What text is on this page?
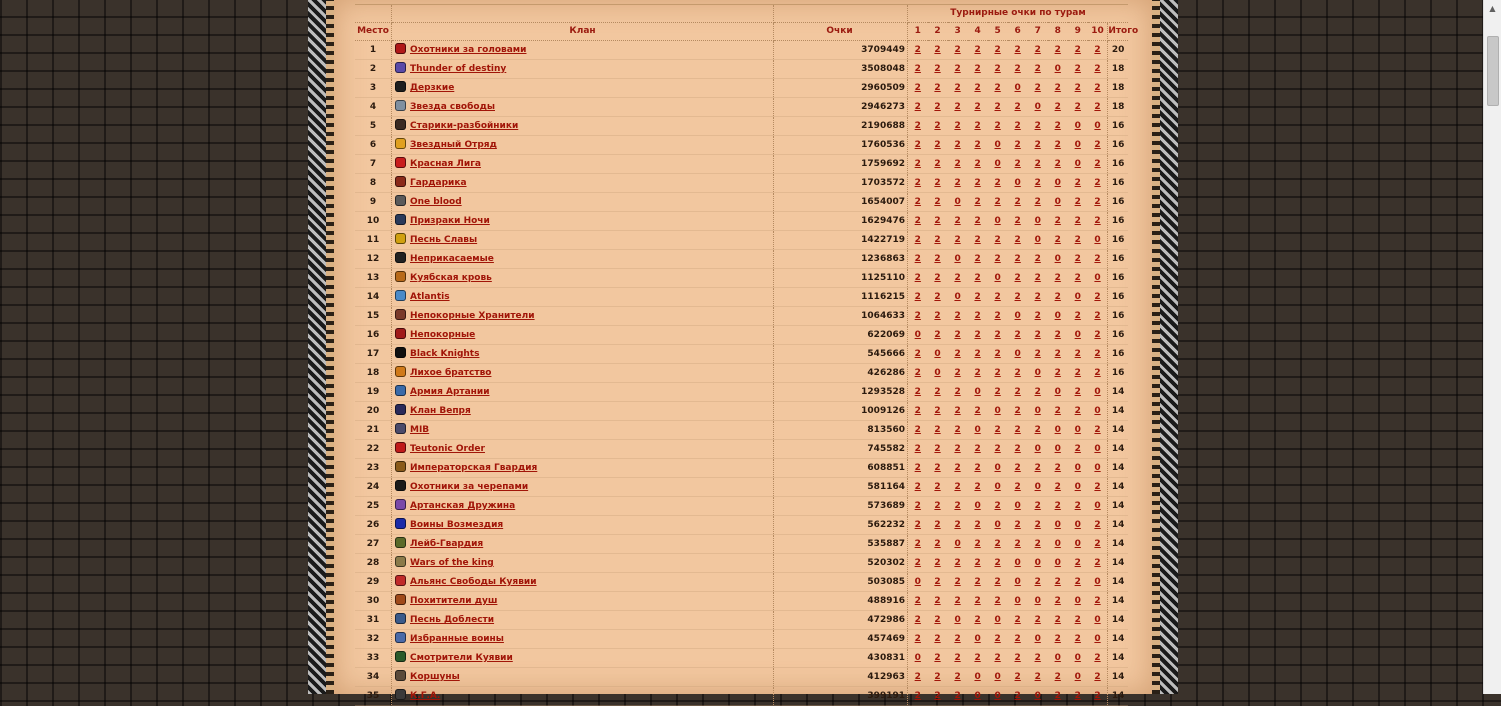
			Турнирные очки по турам										
Место	Клан	Очки	1	2	3	4	5	6	7	8	9	10	Итого
1	Охотники за головами	3709449	2	2	2	2	2	2	2	2	2	2	20
2	Thunder of destiny	3508048	2	2	2	2	2	2	2	0	2	2	18
3	Дерзкие	2960509	2	2	2	2	2	0	2	2	2	2	18
4	Звезда свободы	2946273	2	2	2	2	2	2	0	2	2	2	18
5	Старики-разбойники	2190688	2	2	2	2	2	2	2	2	0	0	16
6	Звездный Отряд	1760536	2	2	2	2	0	2	2	2	0	2	16
7	Красная Лига	1759692	2	2	2	2	0	2	2	2	0	2	16
8	Гардарика	1703572	2	2	2	2	2	0	2	0	2	2	16
9	One blood	1654007	2	2	0	2	2	2	2	0	2	2	16
10	Призраки Ночи	1629476	2	2	2	2	0	2	0	2	2	2	16
11	Песнь Славы	1422719	2	2	2	2	2	2	0	2	2	0	16
12	Неприкасаемые	1236863	2	2	0	2	2	2	2	0	2	2	16
13	Куябская кровь	1125110	2	2	2	2	0	2	2	2	2	0	16
14	Atlantis	1116215	2	2	0	2	2	2	2	2	0	2	16
15	Непокорные Хранители	1064633	2	2	2	2	2	0	2	0	2	2	16
16	Непокорные	622069	0	2	2	2	2	2	2	2	0	2	16
17	Black Knights	545666	2	0	2	2	2	0	2	2	2	2	16
18	Лихое братство	426286	2	0	2	2	2	2	0	2	2	2	16
19	Армия Артании	1293528	2	2	2	0	2	2	2	0	2	0	14
20	Клан Вепря	1009126	2	2	2	2	0	2	0	2	2	0	14
21	MIB	813560	2	2	2	0	2	2	2	0	0	2	14
22	Teutonic Order	745582	2	2	2	2	2	2	0	0	2	0	14
23	Императорская Гвардия	608851	2	2	2	2	0	2	2	2	0	0	14
24	Охотники за черепами	581164	2	2	2	2	0	2	0	2	0	2	14
25	Артанская Дружина	573689	2	2	2	0	2	0	2	2	2	0	14
26	Воины Возмездия	562232	2	2	2	2	0	2	2	0	0	2	14
27	Лейб-Гвардия	535887	2	2	0	2	2	2	2	0	0	2	14
28	Wars of the king	520302	2	2	2	2	2	0	0	0	2	2	14
29	Альянс Свободы Куявии	503085	0	2	2	2	2	0	2	2	2	0	14
30	Похитители душ	488916	2	2	2	2	2	0	0	2	0	2	14
31	Песнь Доблести	472986	2	2	0	2	0	2	2	2	2	0	14
32	Избранные воины	457469	2	2	2	0	2	2	0	2	2	0	14
33	Смотрители Куявии	430831	0	2	2	2	2	2	2	0	0	2	14
34	Коршуны	412963	2	2	2	0	0	2	2	2	0	2	14
35	К.Г.А.	399191	2	2	2	0	0	2	0	2	2	2	14
▲
